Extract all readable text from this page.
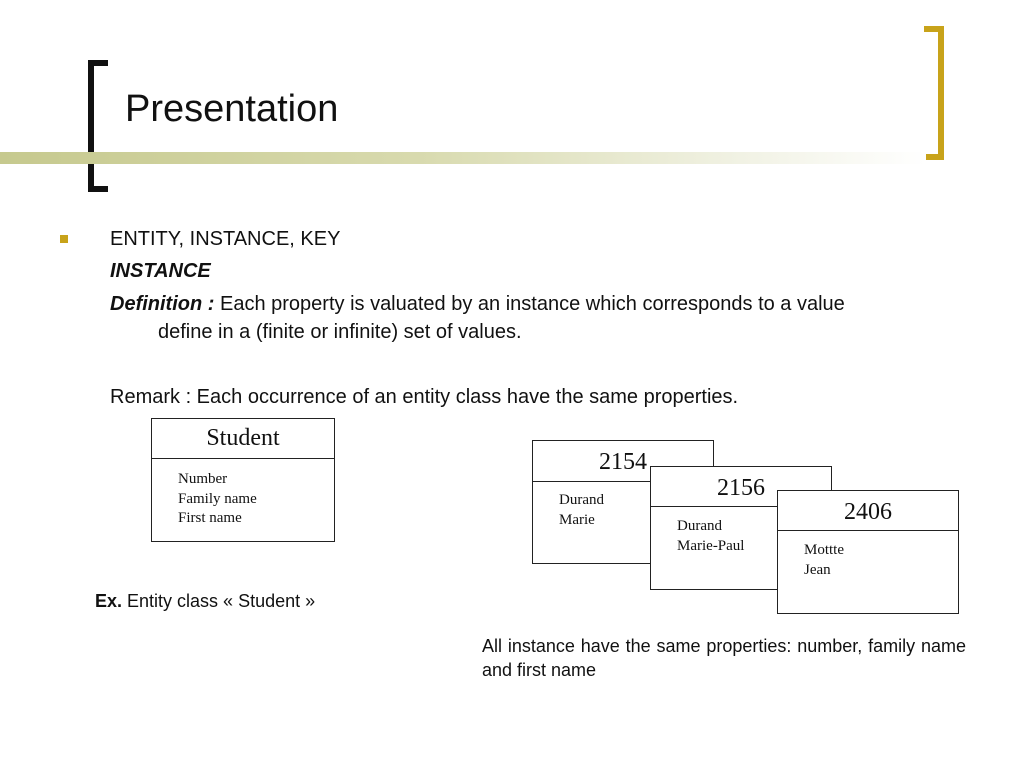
Presentation
ENTITY, INSTANCE, KEY
INSTANCE
Definition : Each property is valuated by an instance which corresponds to a value
define in a (finite or infinite) set of values.
Remark : Each occurrence of an entity class have the same properties.
Student
Number
Family name
First name
Ex. Entity class « Student »
2154
Durand
Marie
2156
Durand
Marie-Paul
2406
Mottte
Jean
All instance have the same properties: number, family name and first name
